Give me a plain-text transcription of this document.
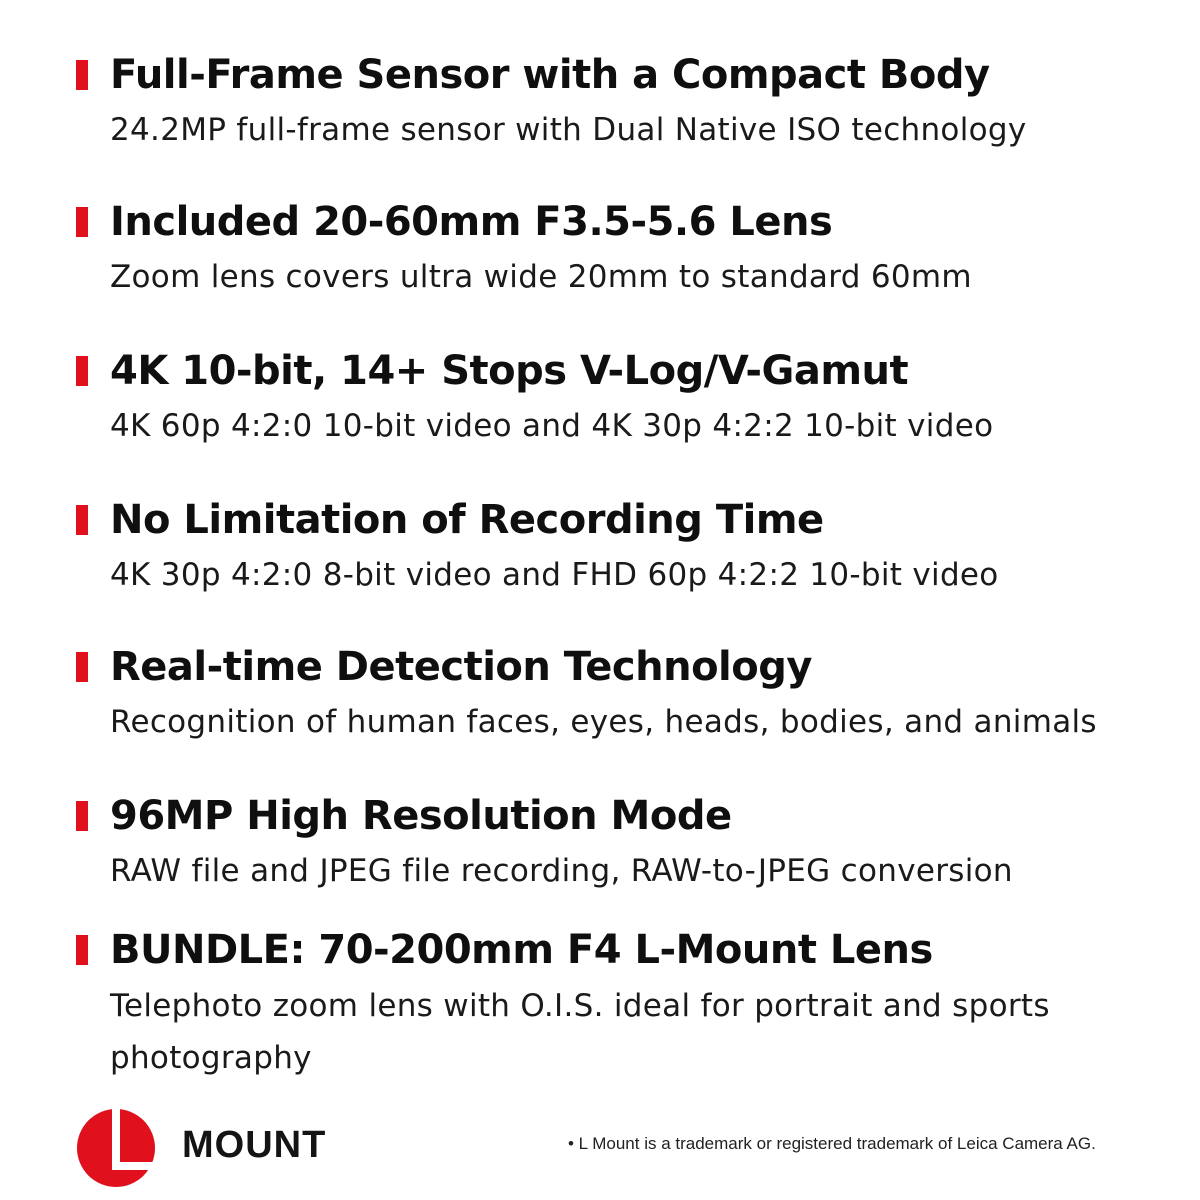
Full-Frame Sensor with a Compact Body
24.2MP full-frame sensor with Dual Native ISO technology
Included 20-60mm F3.5-5.6 Lens
Zoom lens covers ultra wide 20mm to standard 60mm
4K 10-bit, 14+ Stops V-Log/V-Gamut
4K 60p 4:2:0 10-bit video and 4K 30p 4:2:2 10-bit video
No Limitation of Recording Time
4K 30p 4:2:0 8-bit video and FHD 60p 4:2:2 10-bit video
Real-time Detection Technology
Recognition of human faces, eyes, heads, bodies, and animals
96MP High Resolution Mode
RAW file and JPEG file recording, RAW-to-JPEG conversion
BUNDLE: 70-200mm F4 L-Mount Lens
Telephoto zoom lens with O.I.S. ideal for portrait and sports
photography
MOUNT	• L Mount is a trademark or registered trademark of Leica Camera AG.
